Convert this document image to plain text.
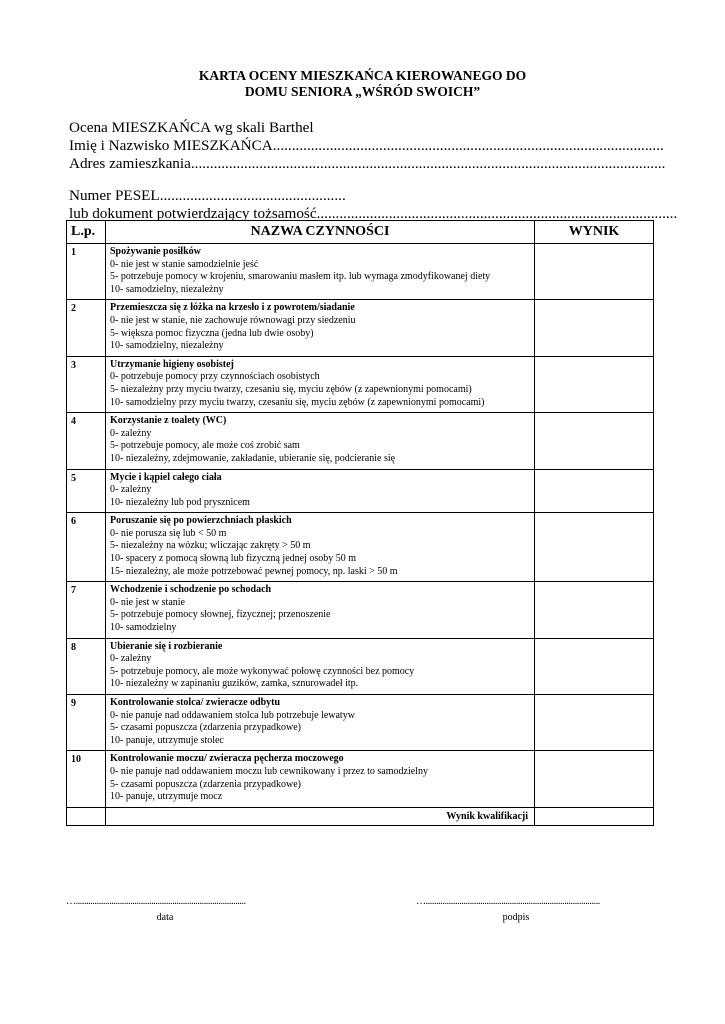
KARTA OCENY MIESZKAŃCA KIEROWANEGO DO
DOMU SENIORA „WŚRÓD SWOICH”
Ocena MIESZKAŃCA wg skali Barthel
Imię i Nazwisko MIESZKAŃCA.......................................................................................................
Adres zamieszkania.............................................................................................................................
Numer PESEL.................................................
lub dokument potwierdzający tożsamość...............................................................................................
L.p.	NAZWA CZYNNOŚCI	WYNIK
1	Spożywanie posiłków
0- nie jest w stanie samodzielnie jeść
5- potrzebuje pomocy w krojeniu, smarowaniu masłem itp. lub wymaga zmodyfikowanej diety
10- samodzielny, niezależny	

2	Przemieszcza się z łóżka na krzesło i z powrotem/siadanie
0- nie jest w stanie, nie zachowuje równowagi przy siedzeniu
5- większa pomoc fizyczna (jedna lub dwie osoby)
10- samodzielny, niezależny	

3	Utrzymanie higieny osobistej
0- potrzebuje pomocy przy czynnościach osobistych
5- niezależny przy myciu twarzy, czesaniu się, myciu zębów (z zapewnionymi pomocami)
10- samodzielny przy myciu twarzy, czesaniu się, myciu zębów (z zapewnionymi pomocami)	

4	Korzystanie z toalety (WC)
0- zależny
5- potrzebuje pomocy, ale może coś zrobić sam
10- niezależny, zdejmowanie, zakładanie, ubieranie się, podcieranie się	

5	Mycie i kąpiel całego ciała
0- zależny
10- niezależny lub pod prysznicem	

6	Poruszanie się po powierzchniach płaskich
0- nie porusza się lub < 50 m
5- niezależny na wózku; wliczając zakręty > 50 m
10- spacery z pomocą słowną lub fizyczną jednej osoby 50 m
15- niezależny, ale może potrzebować pewnej pomocy, np. laski > 50 m	

7	Wchodzenie i schodzenie po schodach
0- nie jest w stanie
5- potrzebuje pomocy słownej, fizycznej; przenoszenie
10- samodzielny	

8	Ubieranie się i rozbieranie
0- zależny
5- potrzebuje pomocy, ale może wykonywać połowę czynności bez pomocy
10- niezależny w zapinaniu guzików, zamka, sznurowadeł itp.	

9	Kontrolowanie stolca/ zwieracze odbytu
0- nie panuje nad oddawaniem stolca lub potrzebuje lewatyw
5- czasami popuszcza (zdarzenia przypadkowe)
10- panuje, utrzymuje stolec	

10	Kontrolowanie moczu/ zwieracza pęcherza moczowego
0- nie panuje nad oddawaniem moczu lub cewnikowany i przez to samodzielny
5- czasami popuszcza (zdarzenia przypadkowe)
10- panuje, utrzymuje mocz	

	Wynik kwalifikacji	
….................................................................................
data
…...................................................................................
podpis
